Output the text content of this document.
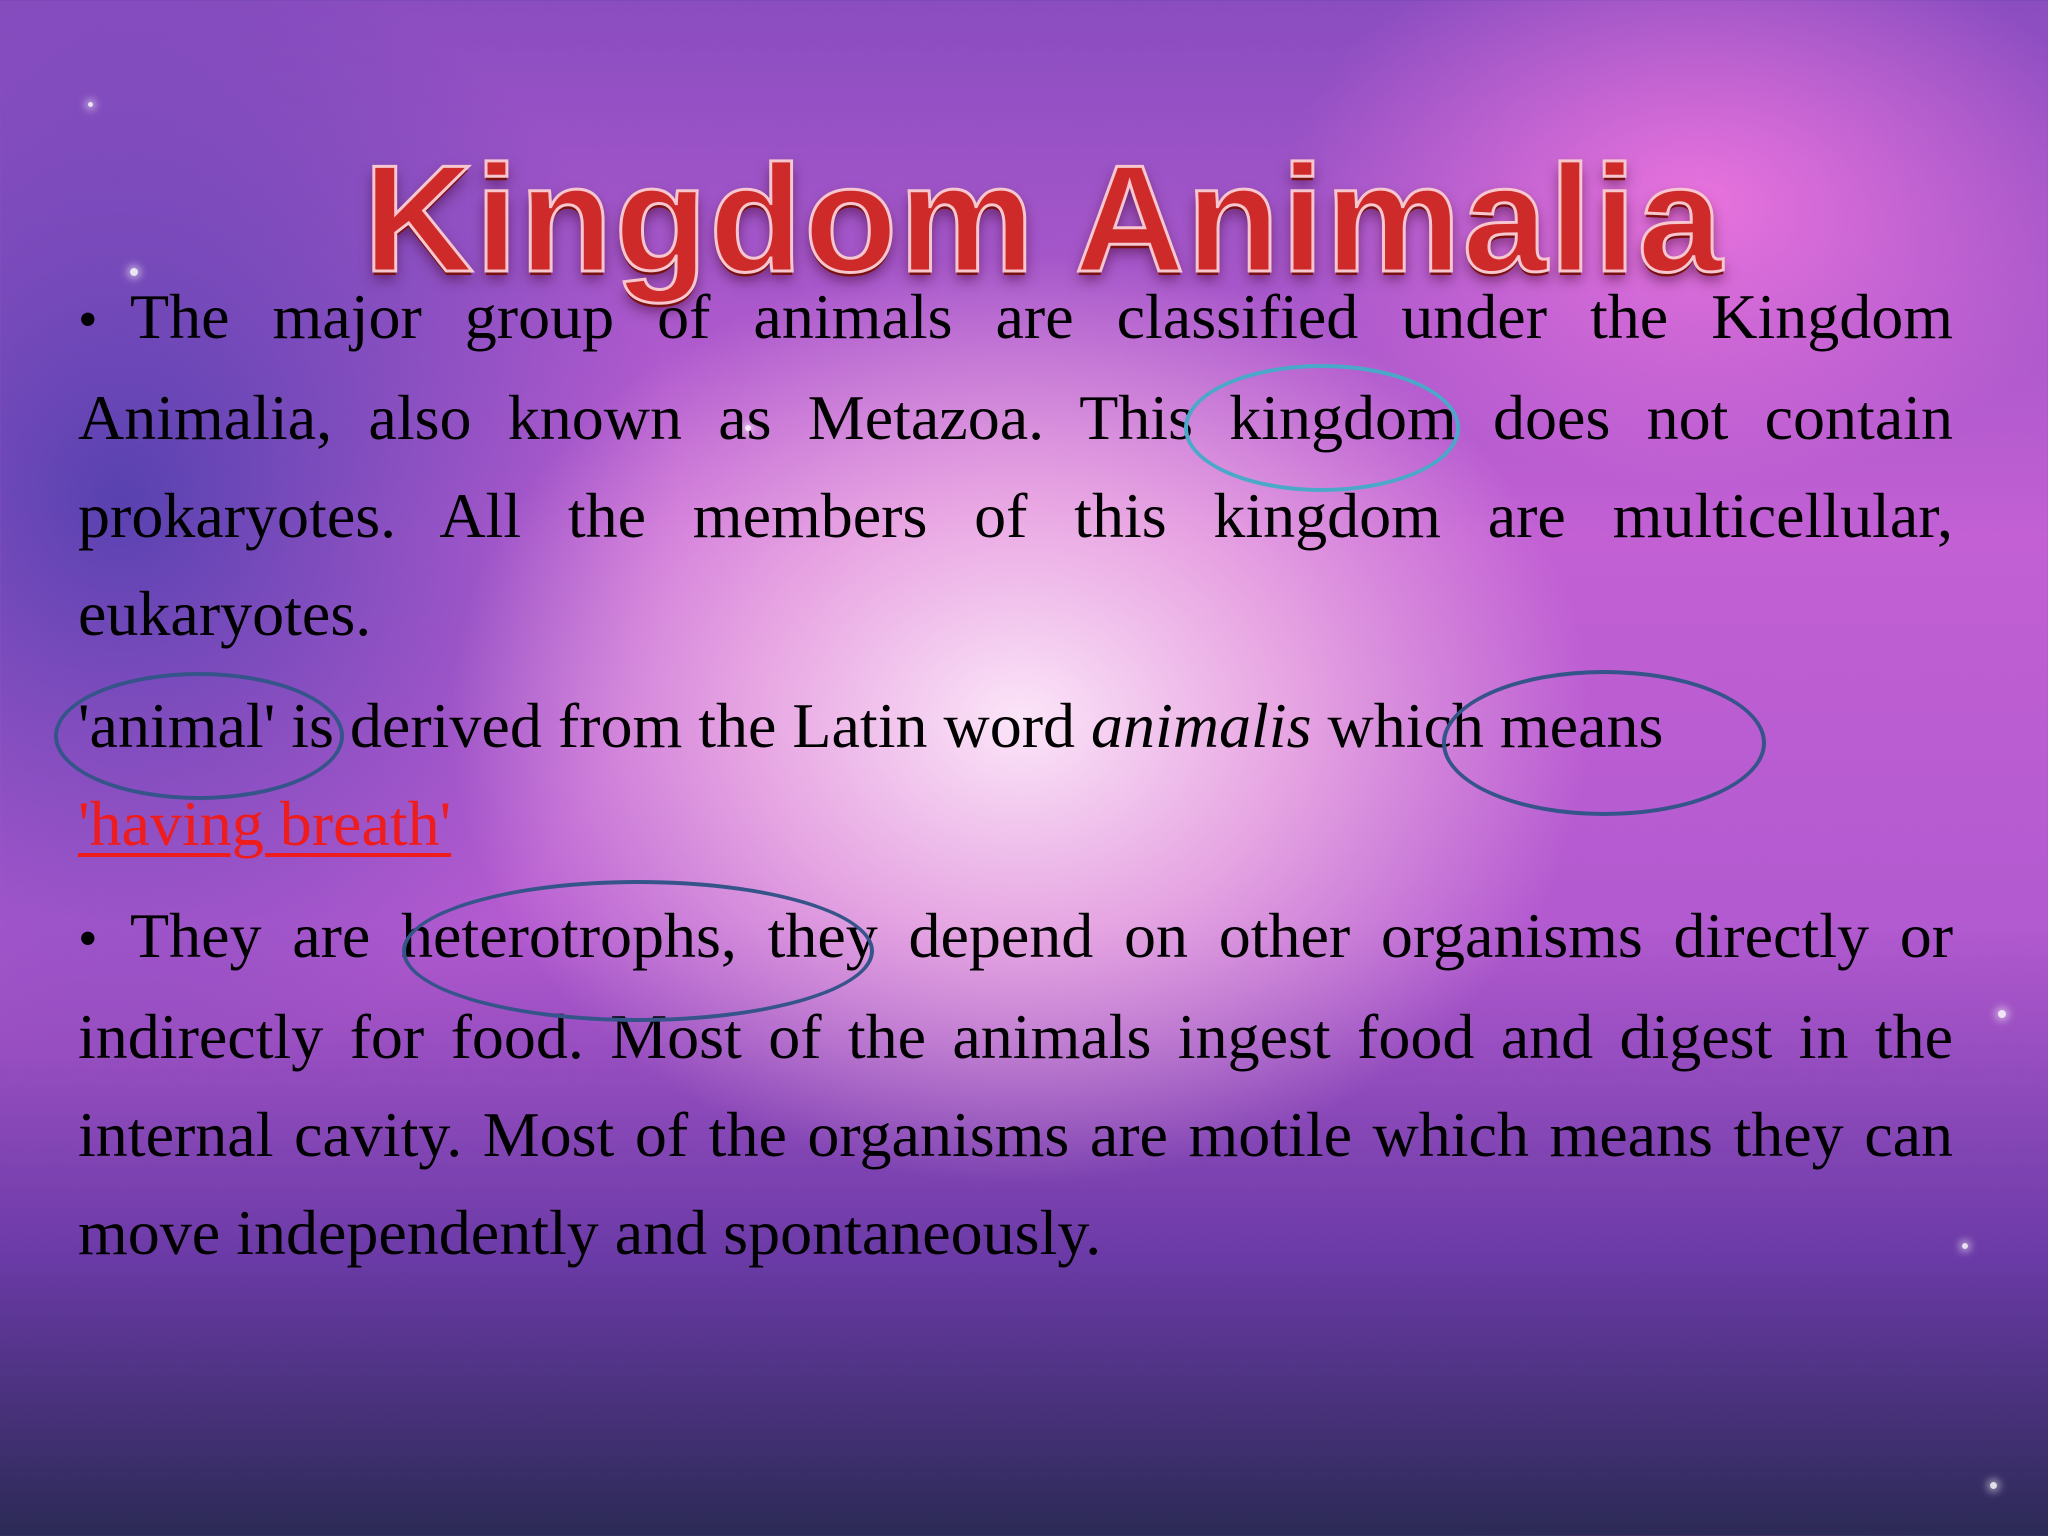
Kingdom Animalia

• The major group of animals are classified under the Kingdom Animalia, also known as Metazoa. This kingdom does not contain prokaryotes. All the members of this kingdom are multicellular, eukaryotes.

'animal' is derived from the Latin word animalis which means
'having breath'

• They are heterotrophs, they depend on other organisms directly or indirectly for food. Most of the animals ingest food and digest in the internal cavity. Most of the organisms are motile which means they can move independently and spontaneously.
